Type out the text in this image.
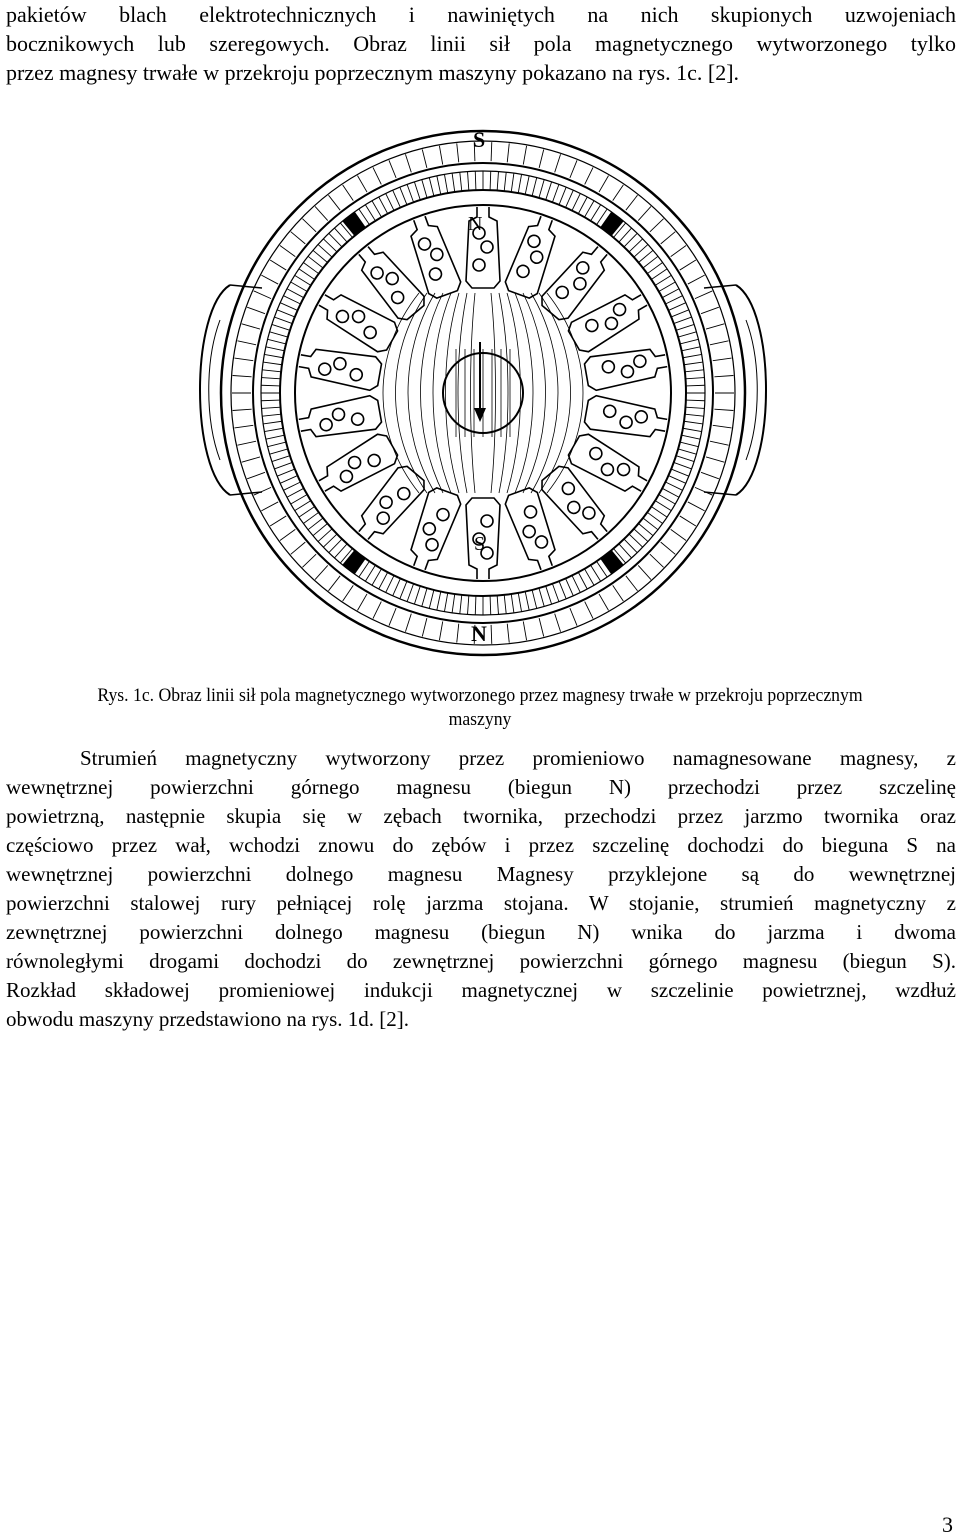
pakietów blach elektrotechnicznych i nawiniętych na nich skupionych uzwojeniach
bocznikowych lub szeregowych. Obraz linii sił pola magnetycznego wytworzonego tylko
przez magnesy trwałe w przekroju poprzecznym maszyny pokazano na rys. 1c. [2].
S
N
S
N
Rys. 1c. Obraz linii sił pola magnetycznego wytworzonego przez magnesy trwałe w przekroju poprzecznym
maszyny
Strumień magnetyczny wytworzony przez promieniowo namagnesowane magnesy, z
wewnętrznej powierzchni górnego magnesu (biegun N) przechodzi przez szczelinę
powietrzną, następnie skupia się w zębach twornika, przechodzi przez jarzmo twornika oraz
częściowo przez wał, wchodzi znowu do zębów i przez szczelinę dochodzi do bieguna S na
wewnętrznej powierzchni dolnego magnesu Magnesy przyklejone są do wewnętrznej
powierzchni stalowej rury pełniącej rolę jarzma stojana. W stojanie, strumień magnetyczny z
zewnętrznej powierzchni dolnego magnesu (biegun N) wnika do jarzma i dwoma
równoległymi drogami dochodzi do zewnętrznej powierzchni górnego magnesu (biegun S).
Rozkład składowej promieniowej indukcji magnetycznej w szczelinie powietrznej, wzdłuż
obwodu maszyny przedstawiono na rys. 1d. [2].
3
